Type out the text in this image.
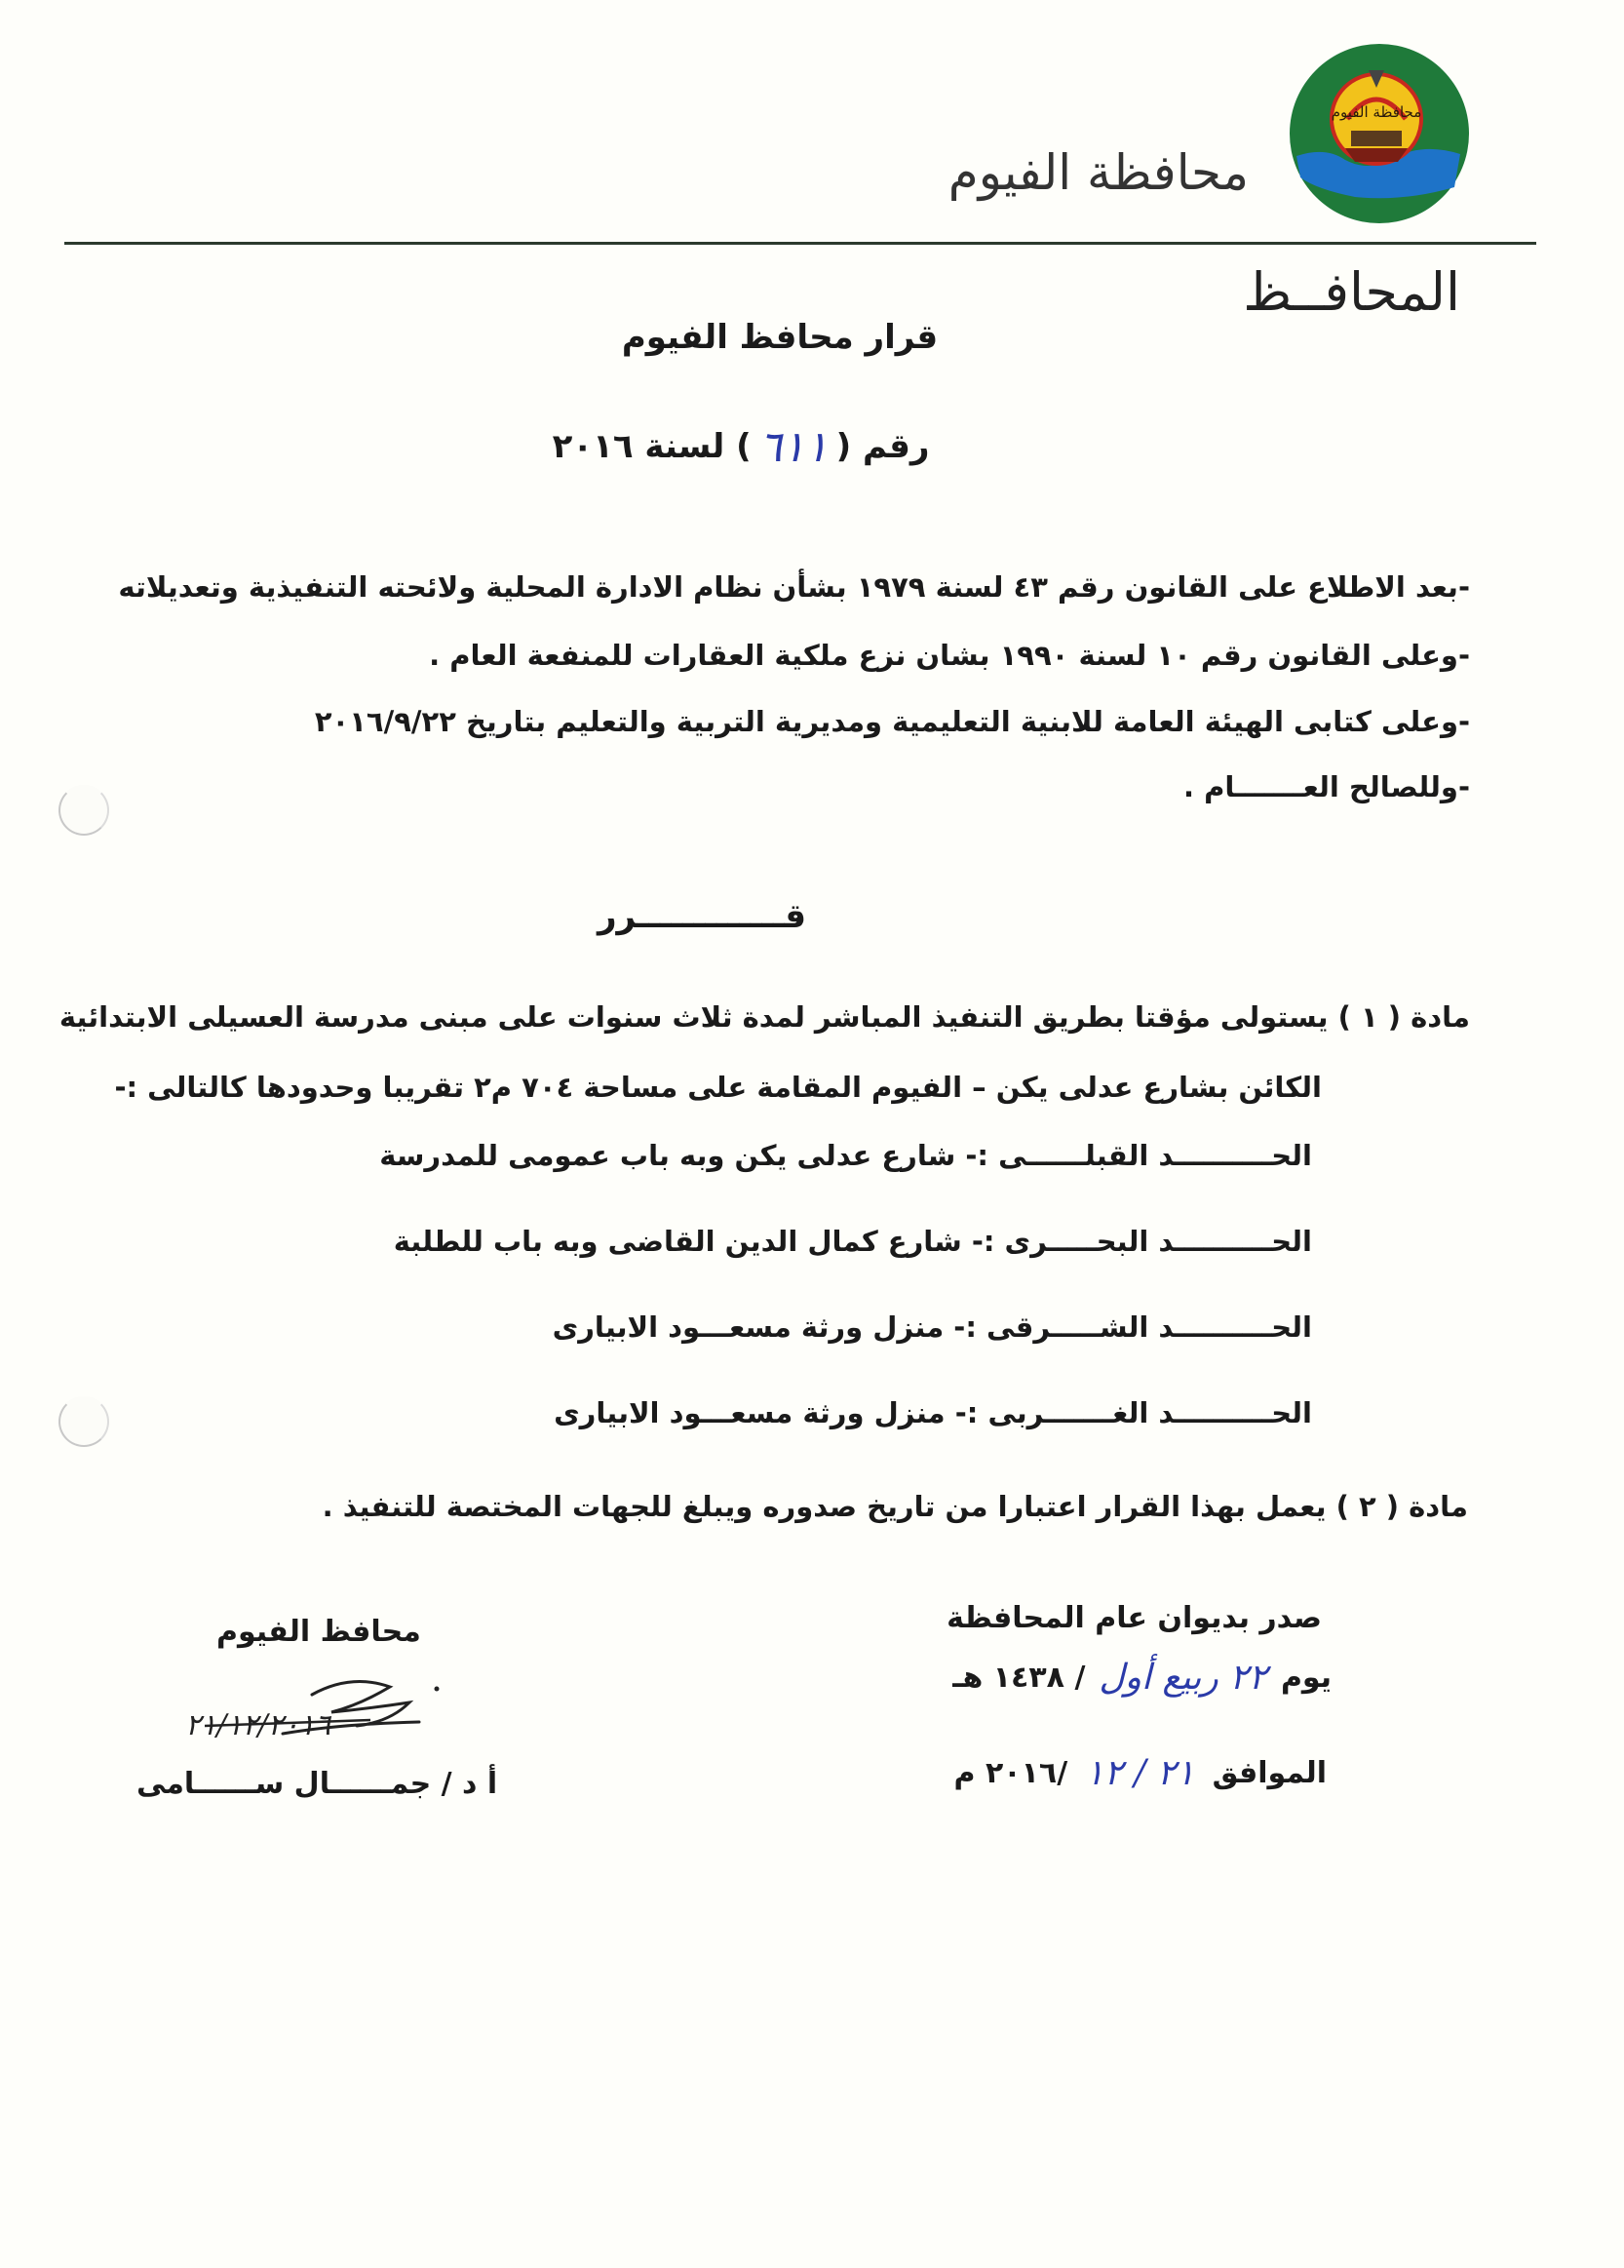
محافظة الفيوم
محافظة الفيوم
المحافــظ
قرار محافظ الفيوم
رقم (
٦١١
) لسنة ٢٠١٦
-بعد الاطلاع على القانون رقم ٤٣ لسنة ١٩٧٩ بشأن نظام الادارة المحلية ولائحته التنفيذية وتعديلاته
-وعلى القانون رقم ١٠ لسنة ١٩٩٠ بشان نزع ملكية العقارات للمنفعة العام .
-وعلى كتابى الهيئة العامة للابنية التعليمية ومديرية التربية والتعليم بتاريخ ٢٠١٦/٩/٢٢
-وللصالح العـــــــام .
قـــــــــــــرر
مادة ( ١ ) يستولى مؤقتا بطريق التنفيذ المباشر لمدة ثلاث سنوات على مبنى مدرسة العسيلى الابتدائية
الكائن بشارع عدلى يكن – الفيوم المقامة على مساحة ٧٠٤ م٢ تقريبا وحدودها كالتالى :-
الحــــــــــد القبلــــــى :- شارع عدلى يكن وبه باب عمومى للمدرسة
الحــــــــــد البحـــــرى :- شارع كمال الدين القاضى وبه باب للطلبة
الحــــــــــد الشـــــرقى :- منزل ورثة مسعـــود الابيارى
الحــــــــــد الغـــــــربى :- منزل ورثة مسعـــود الابيارى
مادة ( ٢ ) يعمل بهذا القرار اعتبارا من تاريخ صدوره ويبلغ للجهات المختصة للتنفيذ .
صدر بديوان عام المحافظة
يوم
٢٢ ربيع أول
/ ١٤٣٨ هـ
الموافق
٢١ / ١٢
/٢٠١٦ م
محافظ الفيوم
٢١/١٢/٢٠١٦
أ د / جمــــــال ســــــامى
